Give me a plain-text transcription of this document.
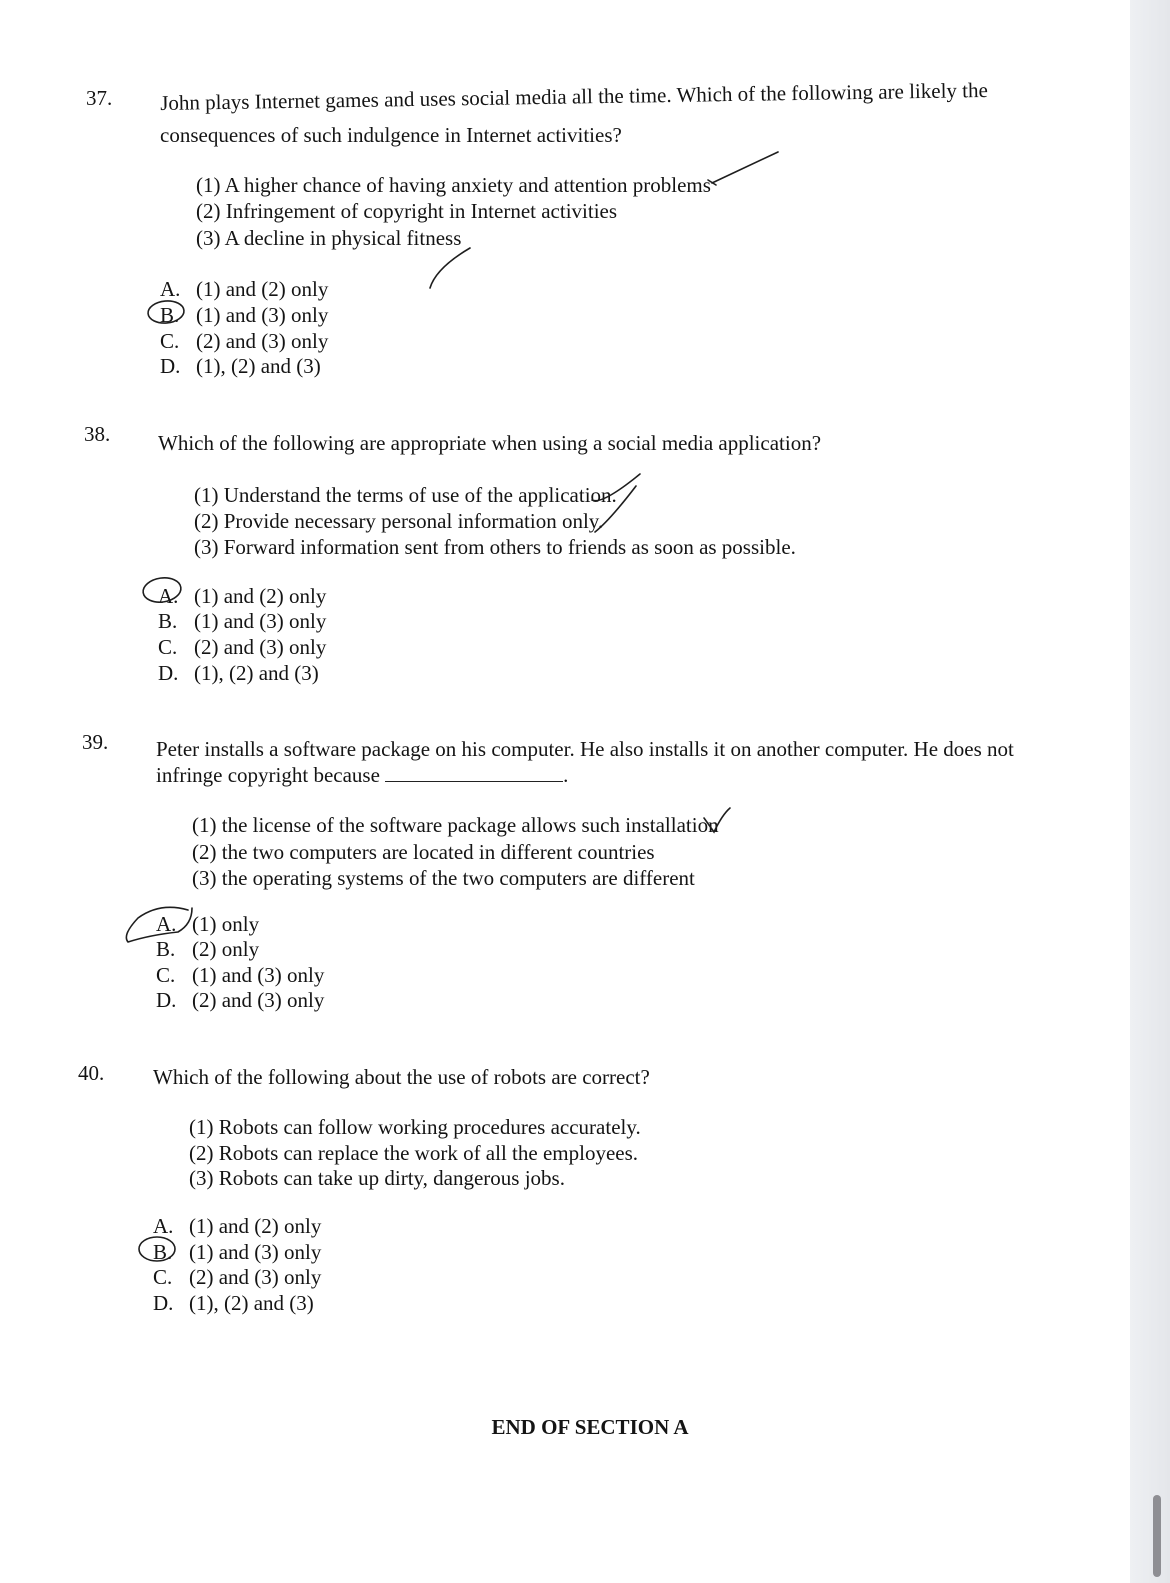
37. John plays Internet games and uses social media all the time. Which of the following are likely the
consequences of such indulgence in Internet activities?
(1) A higher chance of having anxiety and attention problems
(2) Infringement of copyright in Internet activities
(3) A decline in physical fitness
A. (1) and (2) only
B. (1) and (3) only
C. (2) and (3) only
D. (1), (2) and (3)
38. Which of the following are appropriate when using a social media application?
(1) Understand the terms of use of the application.
(2) Provide necessary personal information only.
(3) Forward information sent from others to friends as soon as possible.
A. (1) and (2) only
B. (1) and (3) only
C. (2) and (3) only
D. (1), (2) and (3)
39. Peter installs a software package on his computer. He also installs it on another computer. He does not
infringe copyright because	.
(1) the license of the software package allows such installation
(2) the two computers are located in different countries
(3) the operating systems of the two computers are different
A. (1) only
B. (2) only
C. (1) and (3) only
D. (2) and (3) only
40. Which of the following about the use of robots are correct?
(1) Robots can follow working procedures accurately.
(2) Robots can replace the work of all the employees.
(3) Robots can take up dirty, dangerous jobs.
A. (1) and (2) only
B. (1) and (3) only
C. (2) and (3) only
D. (1), (2) and (3)
END OF SECTION A
